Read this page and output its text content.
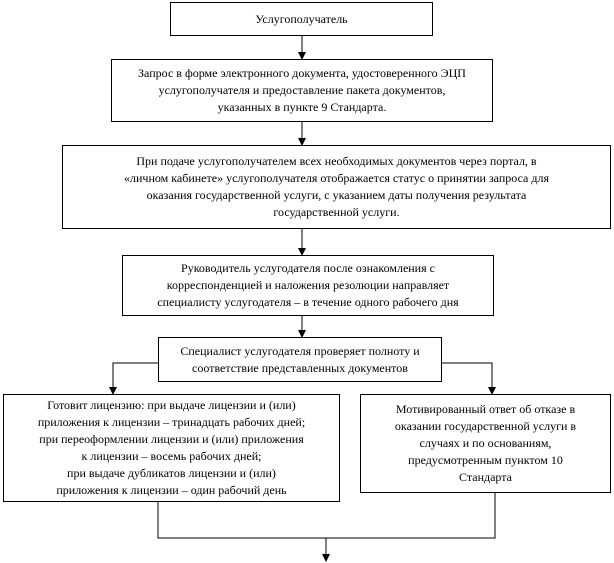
Услугополучатель
Запрос в форме электронного документа, удостоверенного ЭЦП
услугополучателя и предоставление пакета документов,
указанных в пункте 9 Стандарта.
При подаче услугополучателем всех необходимых документов через портал, в
«личном кабинете» услугополучателя отображается статус о принятии запроса для
оказания государственной услуги, с указанием даты получения результата
государственной услуги.
Руководитель услугодателя после ознакомления с
корреспонденцией и наложения резолюции направляет
специалисту услугодателя – в течение одного рабочего дня
Специалист услугодателя проверяет полноту и
соответствие представленных документов
Готовит лицензию: при выдаче лицензии и (или)
приложения к лицензии – тринадцать рабочих дней;
при переоформлении лицензии и (или) приложения
к лицензии – восемь рабочих дней;
при выдаче дубликатов лицензии и (или)
приложения к лицензии – один рабочий день
Мотивированный ответ об отказе в
оказании государственной услуги в
случаях и по основаниям,
предусмотренным пунктом 10
Стандарта
